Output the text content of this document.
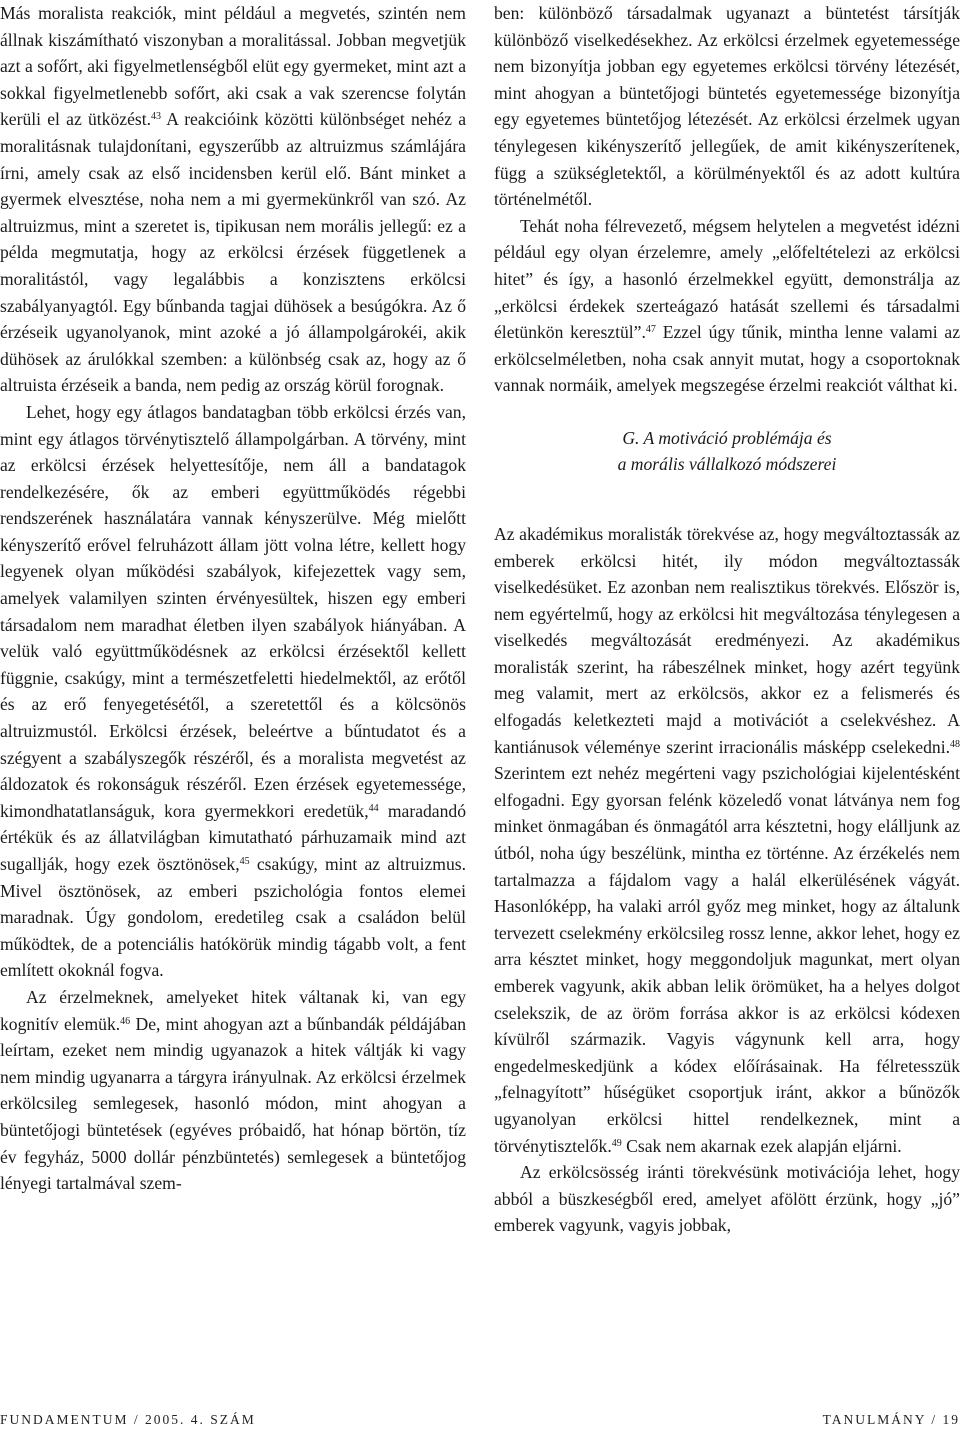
Más moralista reakciók, mint például a megvetés, szintén nem állnak kiszámítható viszonyban a moralitással. Jobban megvetjük azt a sofőrt, aki figyelmetlenségből elüt egy gyermeket, mint azt a sokkal figyelmetlenebb sofőrt, aki csak a vak szerencse folytán kerüli el az ütközést.$^{43}$ A reakcióink közötti különbséget nehéz a moralitásnak tulajdonítani, egyszerűbb az altruizmus számlájára írni, amely csak az első incidensben kerül elő. Bánt minket a gyermek elvesztése, noha nem a mi gyermekünkről van szó. Az altruizmus, mint a szeretet is, tipikusan nem morális jellegű: ez a példa megmutatja, hogy az erkölcsi érzések függetlenek a moralitástól, vagy legalábbis a konzisztens erkölcsi szabályanyagtól. Egy bűnbanda tagjai dühösek a besúgókra. Az ő érzéseik ugyanolyanok, mint azoké a jó állampolgárokéi, akik dühösek az árulókkal szemben: a különbség csak az, hogy az ő altruista érzéseik a banda, nem pedig az ország körül forognak.

Lehet, hogy egy átlagos bandatagban több erkölcsi érzés van, mint egy átlagos törvénytisztelő állampolgárban. A törvény, mint az erkölcsi érzések helyettesítője, nem áll a bandatagok rendelkezésére, ők az emberi együttműködés régebbi rendszerének használatára vannak kényszerülve. Még mielőtt kényszerítő erővel felruházott állam jött volna létre, kellett hogy legyenek olyan működési szabályok, kifejezettek vagy sem, amelyek valamilyen szinten érvényesültek, hiszen egy emberi társadalom nem maradhat életben ilyen szabályok hiányában. A velük való együttműködésnek az erkölcsi érzésektől kellett függnie, csakúgy, mint a természetfeletti hiedelmektől, az erőtől és az erő fenyegetésétől, a szeretettől és a kölcsönös altruizmustól. Erkölcsi érzések, beleértve a bűntudatot és a szégyent a szabályszegők részéről, és a moralista megvetést az áldozatok és rokonságuk részéről. Ezen érzések egyetemessége, kimondhatatlanságuk, kora gyermekkori eredetük,$^{44}$ maradandó értékük és az állatvilágban kimutatható párhuzamaik mind azt sugallják, hogy ezek ösztönösek,$^{45}$ csakúgy, mint az altruizmus. Mivel ösztönösek, az emberi pszichológia fontos elemei maradnak. Úgy gondolom, eredetileg csak a családon belül működtek, de a potenciális hatókörük mindig tágabb volt, a fent említett okoknál fogva.

Az érzelmeknek, amelyeket hitek váltanak ki, van egy kognitív elemük.$^{46}$ De, mint ahogyan azt a bűnbandák példájában leírtam, ezeket nem mindig ugyanazok a hitek váltják ki vagy nem mindig ugyanarra a tárgyra irányulnak. Az erkölcsi érzelmek erkölcsileg semlegesek, hasonló módon, mint ahogyan a büntetőjogi büntetések (egyéves próbaidő, hat hónap börtön, tíz év fegyház, 5000 dollár pénzbüntetés) semlegesek a büntetőjog lényegi tartalmával szem-

ben: különböző társadalmak ugyanazt a büntetést társítják különböző viselkedésekhez. Az erkölcsi érzelmek egyetemessége nem bizonyítja jobban egy egyetemes erkölcsi törvény létezését, mint ahogyan a büntetőjogi büntetés egyetemessége bizonyítja egy egyetemes büntetőjog létezését. Az erkölcsi érzelmek ugyan ténylegesen kikényszerítő jellegűek, de amit kikényszerítenek, függ a szükségletektől, a körülményektől és az adott kultúra történelmétől.

Tehát noha félrevezető, mégsem helytelen a megvetést idézni például egy olyan érzelemre, amely „előfeltételezi az erkölcsi hitet” és így, a hasonló érzelmekkel együtt, demonstrálja az „erkölcsi érdekek szerteágazó hatását szellemi és társadalmi életünkön keresztül”.$^{47}$ Ezzel úgy tűnik, mintha lenne valami az erkölcselméletben, noha csak annyit mutat, hogy a csoportoknak vannak normáik, amelyek megszegése érzelmi reakciót válthat ki.

G. A motiváció problémája és
a morális vállalkozó módszerei

Az akadémikus moralisták törekvése az, hogy megváltoztassák az emberek erkölcsi hitét, ily módon megváltoztassák viselkedésüket. Ez azonban nem realisztikus törekvés. Először is, nem egyértelmű, hogy az erkölcsi hit megváltozása ténylegesen a viselkedés megváltozását eredményezi. Az akadémikus moralisták szerint, ha rábeszélnek minket, hogy azért tegyünk meg valamit, mert az erkölcsös, akkor ez a felismerés és elfogadás keletkezteti majd a motivációt a cselekvéshez. A kantiánusok véleménye szerint irracionális másképp cselekedni.$^{48}$ Szerintem ezt nehéz megérteni vagy pszichológiai kijelentésként elfogadni. Egy gyorsan felénk közeledő vonat látványa nem fog minket önmagában és önmagától arra késztetni, hogy elálljunk az útból, noha úgy beszélünk, mintha ez történne. Az érzékelés nem tartalmazza a fájdalom vagy a halál elkerülésének vágyát. Hasonlóképp, ha valaki arról győz meg minket, hogy az általunk tervezett cselekmény erkölcsileg rossz lenne, akkor lehet, hogy ez arra késztet minket, hogy meggondoljuk magunkat, mert olyan emberek vagyunk, akik abban lelik örömüket, ha a helyes dolgot cselekszik, de az öröm forrása akkor is az erkölcsi kódexen kívülről származik. Vagyis vágynunk kell arra, hogy engedelmeskedjünk a kódex előírásainak. Ha félretesszük „felnagyított” hűségüket csoportjuk iránt, akkor a bűnözők ugyanolyan erkölcsi hittel rendelkeznek, mint a törvénytisztelők.$^{49}$ Csak nem akarnak ezek alapján eljárni.

Az erkölcsösség iránti törekvésünk motivációja lehet, hogy abból a büszkeségből ered, amelyet afölött érzünk, hogy „jó” emberek vagyunk, vagyis jobbak,

FUNDAMENTUM / 2005. 4. SZÁM	TANULMÁNY / 19
